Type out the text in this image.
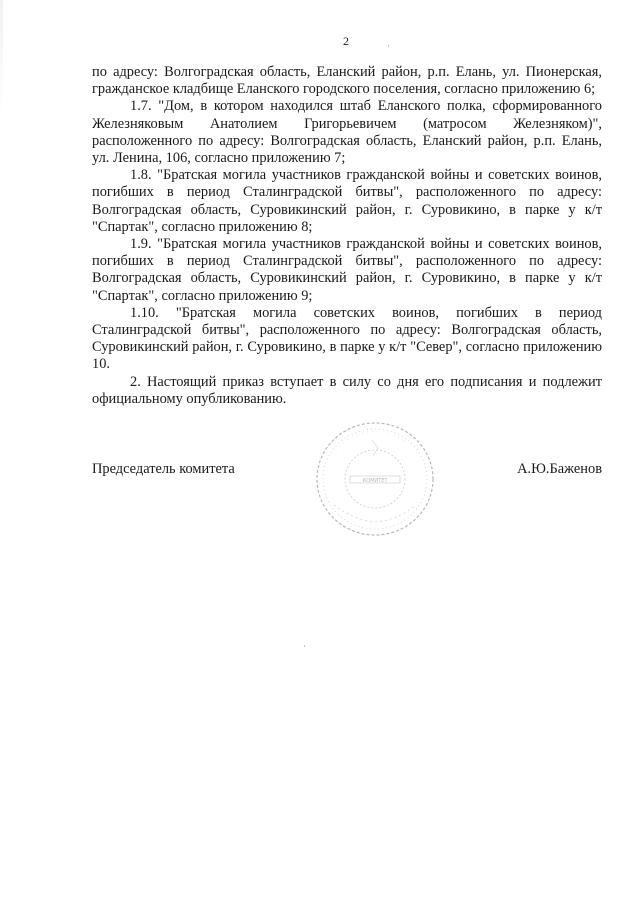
2

по адресу: Волгоградская область, Еланский район, р.п. Елань, ул. Пионерская, гражданское кладбище Еланского городского поселения, согласно приложению 6;

1.7. "Дом, в котором находился штаб Еланского полка, сформированного Железняковым Анатолием Григорьевичем (матросом Железняком)", расположенного по адресу: Волгоградская область, Еланский район, р.п. Елань, ул. Ленина, 106, согласно приложению 7;

1.8. "Братская могила участников гражданской войны и советских воинов, погибших в период Сталинградской битвы", расположенного по адресу: Волгоградская область, Суровикинский район, г. Суровикино, в парке у к/т "Спартак", согласно приложению 8;

1.9. "Братская могила участников гражданской войны и советских воинов, погибших в период Сталинградской битвы", расположенного по адресу: Волгоградская область, Суровикинский район, г. Суровикино, в парке у к/т "Спартак", согласно приложению 9;

1.10. "Братская могила советских воинов, погибших в период Сталинградской битвы", расположенного по адресу: Волгоградская область, Суровикинский район, г. Суровикино, в парке у к/т "Север", согласно приложению 10.

2. Настоящий приказ вступает в силу со дня его подписания и подлежит официальному опубликованию.

· · · · · · · · · · · · · · ·
КОМИТЕТ
Председатель комитета	А.Ю.Баженов
